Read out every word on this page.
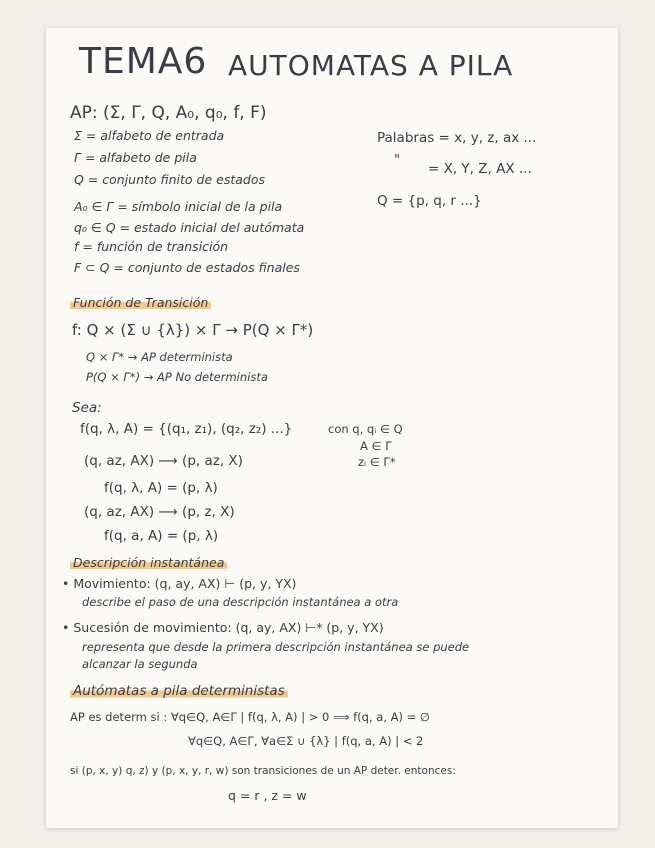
TEMA6 AUTOMATAS A PILA
AP: (Σ, Γ, Q, A₀, q₀, f, F)
Σ = alfabeto de entrada
Γ = alfabeto de pila
Q = conjunto finito de estados
A₀ ∈ Γ = símbolo inicial de la pila
q₀ ∈ Q = estado inicial del autómata
f = función de transición
F ⊂ Q = conjunto de estados finales
Palabras = x, y, z, ax ...
"
= X, Y, Z, AX ...
Q = {p, q, r ...}
Función de Transición
f: Q × (Σ ∪ {λ}) × Γ → P(Q × Γ*)
Q × Γ* → AP determinista
P(Q × Γ*) → AP No determinista
Sea:
f(q, λ, A) = {(q₁, z₁), (q₂, z₂) ...}	con q, qᵢ ∈ Q
A ∈ Γ
zᵢ ∈ Γ*
(q, az, AX) ⟶ (p, az, X)
f(q, λ, A) = (p, λ)
(q, az, AX) ⟶ (p, z, X)
f(q, a, A) = (p, λ)
Descripción instantánea
• Movimiento: (q, ay, AX) ⊢ (p, y, YX)
describe el paso de una descripción instantánea a otra
• Sucesión de movimiento: (q, ay, AX) ⊢* (p, y, YX)
representa que desde la primera descripción instantánea se puede
alcanzar la segunda
Autómatas a pila deterministas
AP es determ si : ∀q∈Q, A∈Γ | f(q, λ, A) | > 0 ⟹ f(q, a, A) = ∅
∀q∈Q, A∈Γ, ∀a∈Σ ∪ {λ} | f(q, a, A) | < 2
si (p, x, y) q, z) y (p, x, y, r, w) son transiciones de un AP deter. entonces:
q = r , z = w
